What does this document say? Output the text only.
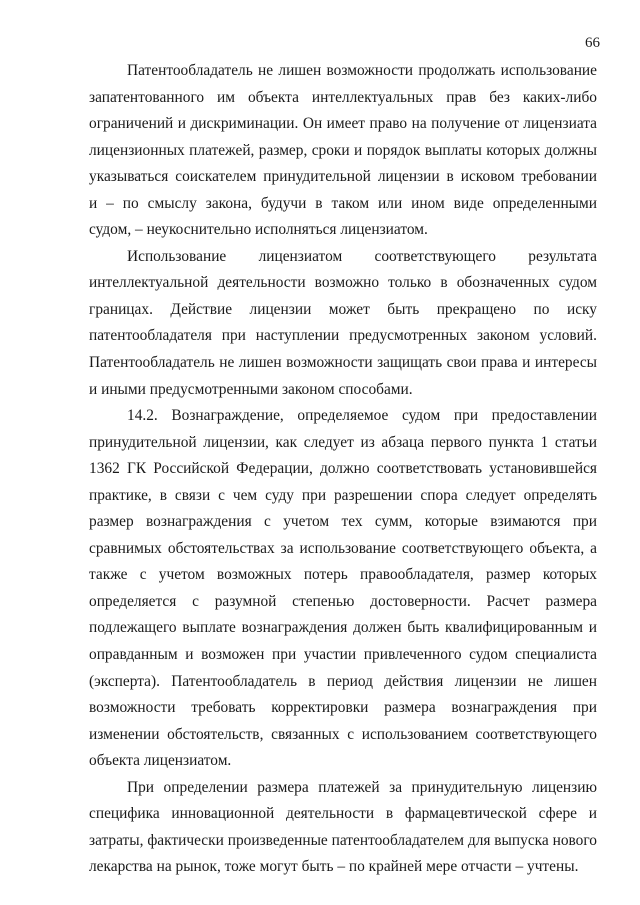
66
Патентообладатель не лишен возможности продолжать использование
запатентованного им объекта интеллектуальных прав без каких-либо
ограничений и дискриминации. Он имеет право на получение от лицензиата
лицензионных платежей, размер, сроки и порядок выплаты которых должны
указываться соискателем принудительной лицензии в исковом требовании
и – по смыслу закона, будучи в таком или ином виде определенными
судом, – неукоснительно исполняться лицензиатом.
Использование лицензиатом соответствующего результата
интеллектуальной деятельности возможно только в обозначенных судом
границах. Действие лицензии может быть прекращено по иску
патентообладателя при наступлении предусмотренных законом условий.
Патентообладатель не лишен возможности защищать свои права и интересы
и иными предусмотренными законом способами.
14.2. Вознаграждение, определяемое судом при предоставлении
принудительной лицензии, как следует из абзаца первого пункта 1 статьи
1362 ГК Российской Федерации, должно соответствовать установившейся
практике, в связи с чем суду при разрешении спора следует определять
размер вознаграждения с учетом тех сумм, которые взимаются при
сравнимых обстоятельствах за использование соответствующего объекта, а
также с учетом возможных потерь правообладателя, размер которых
определяется с разумной степенью достоверности. Расчет размера
подлежащего выплате вознаграждения должен быть квалифицированным и
оправданным и возможен при участии привлеченного судом специалиста
(эксперта). Патентообладатель в период действия лицензии не лишен
возможности требовать корректировки размера вознаграждения при
изменении обстоятельств, связанных с использованием соответствующего
объекта лицензиатом.
При определении размера платежей за принудительную лицензию
специфика инновационной деятельности в фармацевтической сфере и
затраты, фактически произведенные патентообладателем для выпуска нового
лекарства на рынок, тоже могут быть – по крайней мере отчасти – учтены.
